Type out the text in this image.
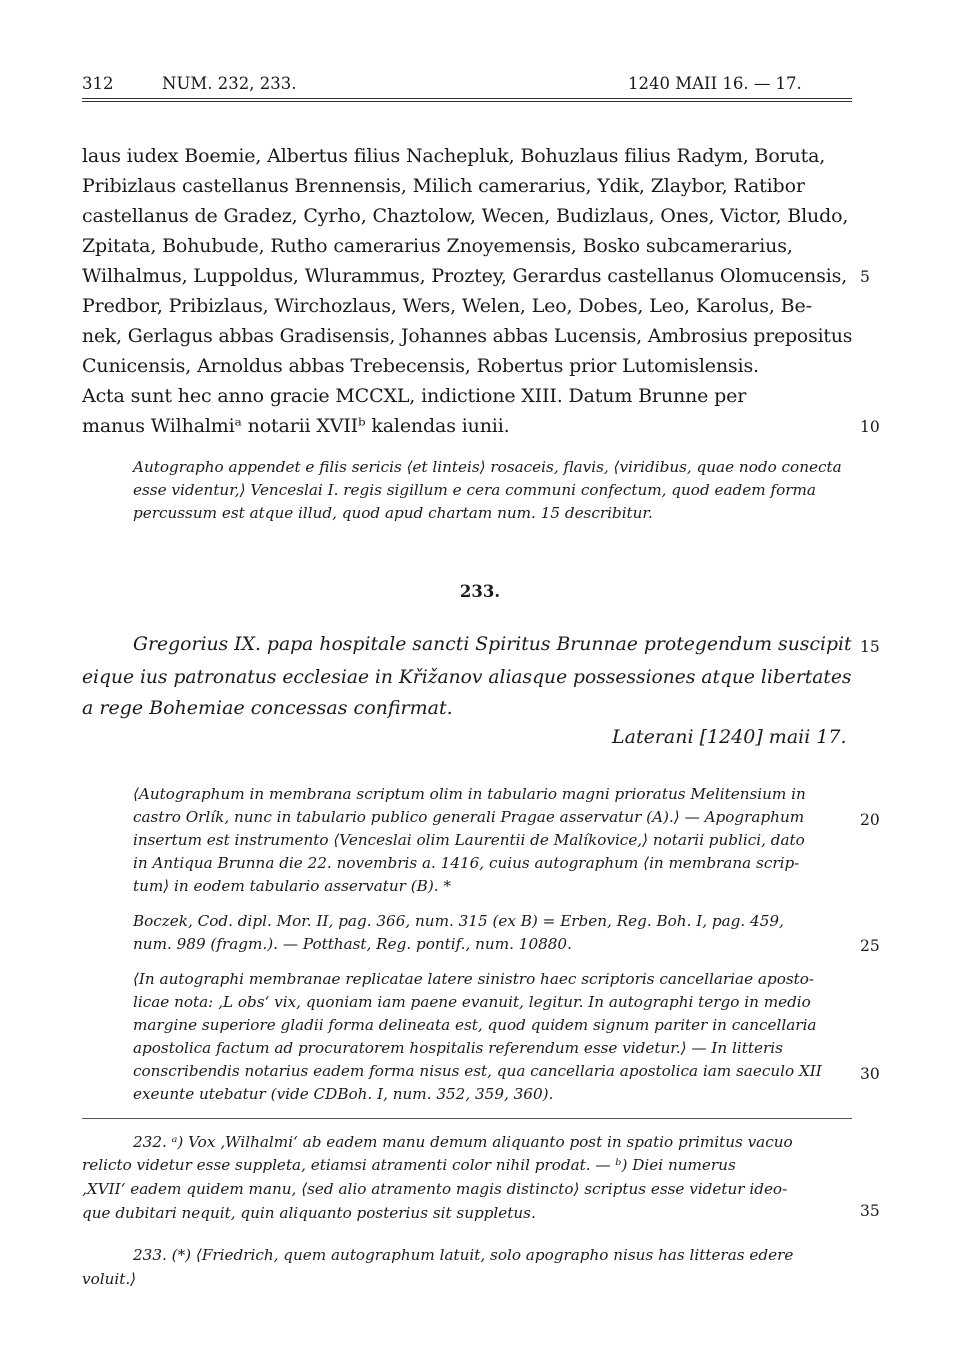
312	NUM. 232, 233.	1240 MAII 16. — 17.
laus iudex Boemie, Albertus filius Nachepluk, Bohuzlaus filius Radym, Boruta,
Pribizlaus castellanus Brennensis, Milich camerarius, Ydik, Zlaybor, Ratibor
castellanus de Gradez, Cyrho, Chaztolow, Wecen, Budizlaus, Ones, Victor, Bludo,
Zpitata, Bohubude, Rutho camerarius Znoyemensis, Bosko subcamerarius,
Wilhalmus, Luppoldus, Wlurammus, Proztey, Gerardus castellanus Olomucensis,
Predbor, Pribizlaus, Wirchozlaus, Wers, Welen, Leo, Dobes, Leo, Karolus, Be-
nek, Gerlagus abbas Gradisensis, Johannes abbas Lucensis, Ambrosius prepositus
Cunicensis, Arnoldus abbas Trebecensis, Robertus prior Lutomislensis.
Acta sunt hec anno gracie MCCXL, indictione XIII. Datum Brunne per
manus Wilhalmiᵃ notarii XVIIᵇ kalendas iunii.
5
10
Autographo appendet e filis sericis ⟨et linteis⟩ rosaceis, flavis, ⟨viridibus, quae nodo conecta
esse videntur,⟩ Venceslai I. regis sigillum e cera communi confectum, quod eadem forma
percussum est atque illud, quod apud chartam num. 15 describitur.
233.
Gregorius IX. papa hospitale sancti Spiritus Brunnae protegendum suscipit
eique ius patronatus ecclesiae in Křižanov aliasque possessiones atque libertates
a rege Bohemiae concessas confirmat.
Laterani [1240] maii 17.
15
⟨Autographum in membrana scriptum olim in tabulario magni prioratus Melitensium in
castro Orlík, nunc in tabulario publico generali Pragae asservatur (A).⟩ — Apographum
insertum est instrumento ⟨Venceslai olim Laurentii de Malíkovice,⟩ notarii publici, dato
in Antiqua Brunna die 22. novembris a. 1416, cuius autographum ⟨in membrana scrip-
tum⟩ in eodem tabulario asservatur (B). *
20
Boczek, Cod. dipl. Mor. II, pag. 366, num. 315 (ex B) = Erben, Reg. Boh. I, pag. 459,
num. 989 (fragm.). — Potthast, Reg. pontif., num. 10880.	25
⟨In autographi membranae replicatae latere sinistro haec scriptoris cancellariae aposto-
licae nota: ‚L obs‘ vix, quoniam iam paene evanuit, legitur. In autographi tergo in medio
margine superiore gladii forma delineata est, quod quidem signum pariter in cancellaria
apostolica factum ad procuratorem hospitalis referendum esse videtur.⟩ — In litteris
conscribendis notarius eadem forma nisus est, qua cancellaria apostolica iam saeculo XII
exeunte utebatur (vide CDBoh. I, num. 352, 359, 360).
30
232. ᵃ) Vox ‚Wilhalmi‘ ab eadem manu demum aliquanto post in spatio primitus vacuo
relicto videtur esse suppleta, etiamsi atramenti color nihil prodat. — ᵇ) Diei numerus
‚XVII‘ eadem quidem manu, ⟨sed alio atramento magis distincto⟩ scriptus esse videtur ideo-
que dubitari nequit, quin aliquanto posterius sit suppletus.	35
233. (*) ⟨Friedrich, quem autographum latuit, solo apographo nisus has litteras edere
voluit.⟩
